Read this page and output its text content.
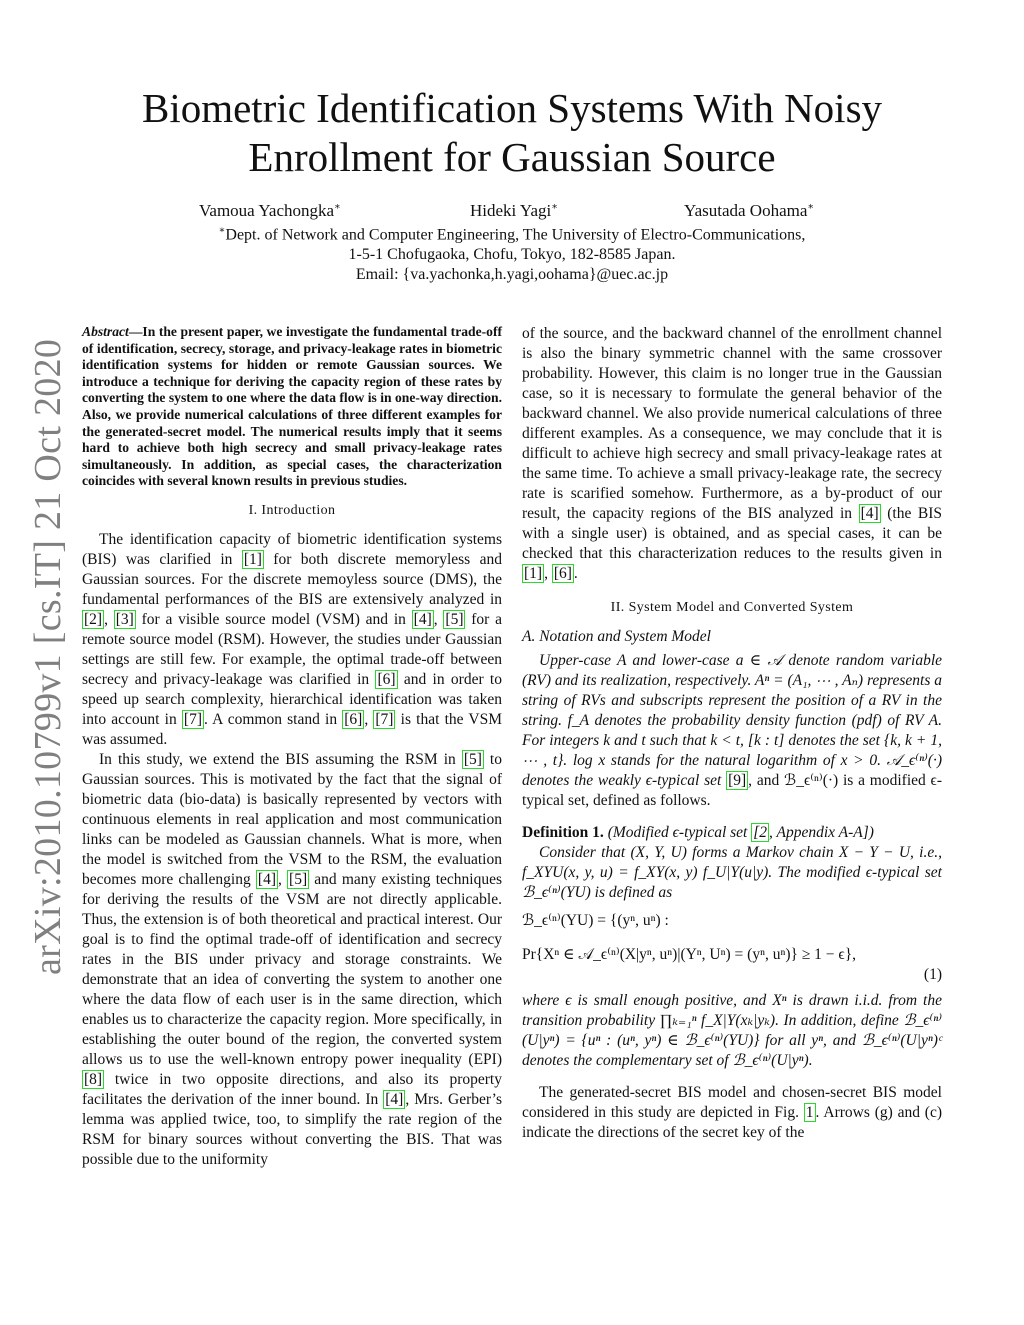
arXiv:2010.10799v1 [cs.IT] 21 Oct 2020
Biometric Identification Systems With Noisy
Enrollment for Gaussian Source
Vamoua Yachongka∗	Hideki Yagi∗	Yasutada Oohama∗
∗Dept. of Network and Computer Engineering, The University of Electro-Communications,
1-5-1 Chofugaoka, Chofu, Tokyo, 182-8585 Japan.
Email: {va.yachonka,h.yagi,oohama}@uec.ac.jp

Abstract—In the present paper, we investigate the fundamental trade-off of identification, secrecy, storage, and privacy-leakage rates in biometric identification systems for hidden or remote Gaussian sources. We introduce a technique for deriving the capacity region of these rates by converting the system to one where the data flow is in one-way direction. Also, we provide numerical calculations of three different examples for the generated-secret model. The numerical results imply that it seems hard to achieve both high secrecy and small privacy-leakage rates simultaneously. In addition, as special cases, the characterization coincides with several known results in previous studies.

I. Introduction

The identification capacity of biometric identification systems (BIS) was clarified in [1] for both discrete memoryless and Gaussian sources. For the discrete memoyless source (DMS), the fundamental performances of the BIS are extensively analyzed in [2] , [3] for a visible source model (VSM) and in [4] , [5] for a remote source model (RSM). However, the studies under Gaussian settings are still few. For example, the optimal trade-off between secrecy and privacy-leakage was clarified in [6] and in order to speed up search complexity, hierarchical identification was taken into account in [7] . A common stand in [6] , [7] is that the VSM was assumed.

In this study, we extend the BIS assuming the RSM in [5] to Gaussian sources. This is motivated by the fact that the signal of biometric data (bio-data) is basically represented by vectors with continuous elements in real application and most communication links can be modeled as Gaussian channels. What is more, when the model is switched from the VSM to the RSM, the evaluation becomes more challenging [4] , [5] and many existing techniques for deriving the results of the VSM are not directly applicable. Thus, the extension is of both theoretical and practical interest. Our goal is to find the optimal trade-off of identification and secrecy rates in the BIS under privacy and storage constraints. We demonstrate that an idea of converting the system to another one where the data flow of each user is in the same direction, which enables us to characterize the capacity region. More specifically, in establishing the outer bound of the region, the converted system allows us to use the well-known entropy power inequality (EPI) [8] twice in two opposite directions, and also its property facilitates the derivation of the inner bound. In [4] , Mrs. Gerber’s lemma was applied twice, too, to simplify the rate region of the RSM for binary sources without converting the BIS. That was possible due to the uniformity

of the source, and the backward channel of the enrollment channel is also the binary symmetric channel with the same crossover probability. However, this claim is no longer true in the Gaussian case, so it is necessary to formulate the general behavior of the backward channel. We also provide numerical calculations of three different examples. As a consequence, we may conclude that it is difficult to achieve high secrecy and small privacy-leakage rates at the same time. To achieve a small privacy-leakage rate, the secrecy rate is scarified somehow. Furthermore, as a by-product of our result, the capacity regions of the BIS analyzed in [4] (the BIS with a single user) is obtained, and as special cases, it can be checked that this characterization reduces to the results given in [1] , [6] .

II. System Model and Converted System
A. Notation and System Model

Upper-case A and lower-case a ∈ 𝒜 denote random variable (RV) and its realization, respectively. Aⁿ = (A₁, ⋯ , Aₙ) represents a string of RVs and subscripts represent the position of a RV in the string. f_A denotes the probability density function (pdf) of RV A. For integers k and t such that k < t, [k : t] denotes the set {k, k + 1, ⋯ , t}. log x stands for the natural logarithm of x > 0. 𝒜_ϵ⁽ⁿ⁾(·) denotes the weakly ϵ-typical set [9] , and ℬ_ϵ⁽ⁿ⁾(·) is a modified ϵ-typical set, defined as follows.

Definition 1. (Modified ϵ-typical set [2 , Appendix A-A])

Consider that (X, Y, U) forms a Markov chain X − Y − U, i.e., f_XYU(x, y, u) = f_XY(x, y) f_U|Y(u|y). The modified ϵ-typical set ℬ_ϵ⁽ⁿ⁾(YU) is defined as

ℬ_ϵ⁽ⁿ⁾(YU) = {(yⁿ, uⁿ) :
Pr{Xⁿ ∈ 𝒜_ϵ⁽ⁿ⁾(X|yⁿ, uⁿ)|(Yⁿ, Uⁿ) = (yⁿ, uⁿ)} ≥ 1 − ϵ},
(1)

where ϵ is small enough positive, and Xⁿ is drawn i.i.d. from the transition probability ∏ₖ₌₁ⁿ f_X|Y(xₖ|yₖ). In addition, define ℬ_ϵ⁽ⁿ⁾(U|yⁿ) = {uⁿ : (uⁿ, yⁿ) ∈ ℬ_ϵ⁽ⁿ⁾(YU)} for all yⁿ, and ℬ_ϵ⁽ⁿ⁾(U|yⁿ)ᶜ denotes the complementary set of ℬ_ϵ⁽ⁿ⁾(U|yⁿ).

The generated-secret BIS model and chosen-secret BIS model considered in this study are depicted in Fig. 1 . Arrows (g) and (c) indicate the directions of the secret key of the
